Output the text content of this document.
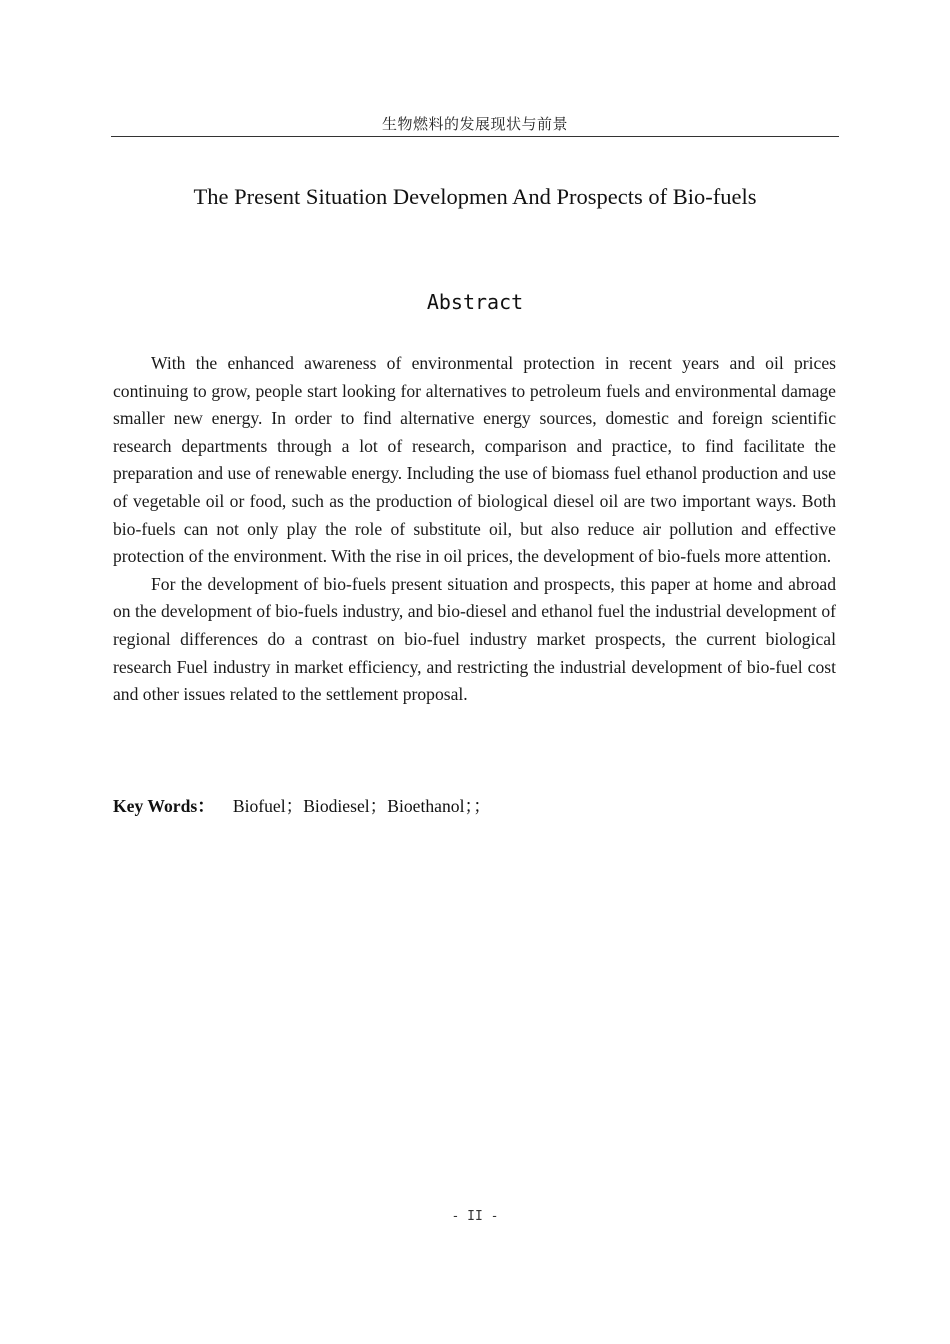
生物燃料的发展现状与前景
The Present Situation Developmen And Prospects of Bio-fuels
Abstract

With the enhanced awareness of environmental protection in recent years and oil prices continuing to grow, people start looking for alternatives to petroleum fuels and environmental damage smaller new energy. In order to find alternative energy sources, domestic and foreign scientific research departments through a lot of research, comparison and practice, to find facilitate the preparation and use of renewable energy. Including the use of biomass fuel ethanol production and use of vegetable oil or food, such as the production of biological diesel oil are two important ways. Both bio-fuels can not only play the role of substitute oil, but also reduce air pollution and effective protection of the environment. With the rise in oil prices, the development of bio-fuels more attention.

For the development of bio-fuels present situation and prospects, this paper at home and abroad on the development of bio-fuels industry, and bio-diesel and ethanol fuel the industrial development of regional differences do a contrast on bio-fuel industry market prospects, the current biological research Fuel industry in market efficiency, and restricting the industrial development of bio-fuel cost and other issues related to the settlement proposal.

Key Words： Biofuel；Biodiesel；Bioethanol；；
- II -
